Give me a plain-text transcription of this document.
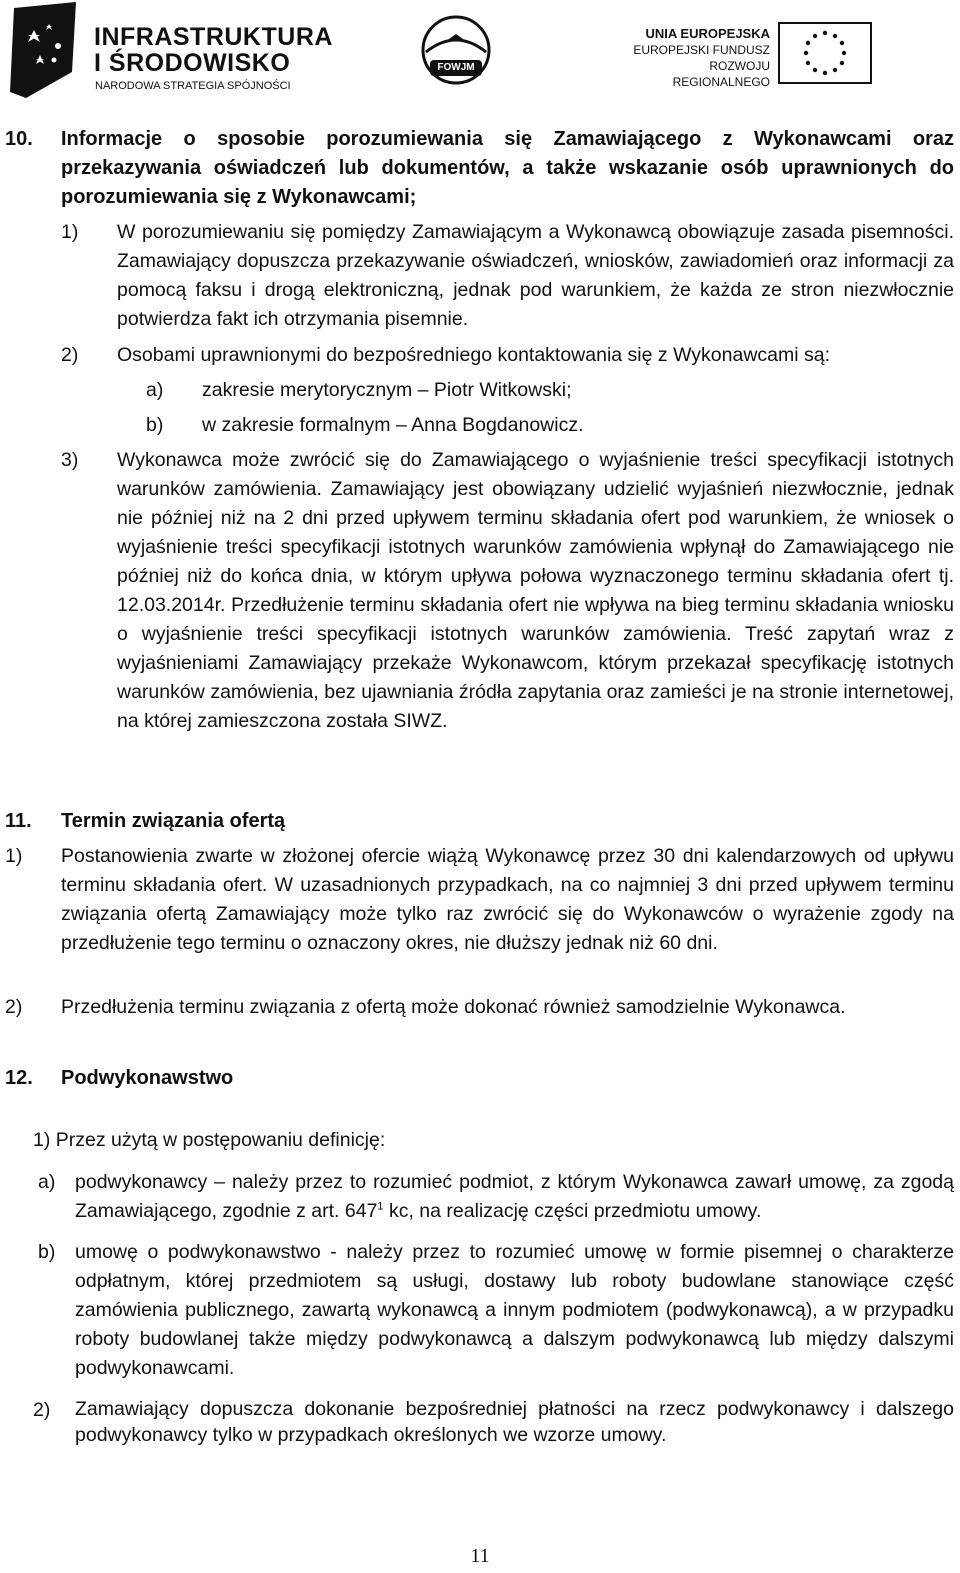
INFRASTRUKTURA
I ŚRODOWISKO
NARODOWA STRATEGIA SPÓJNOŚCI
FOWJM
UNIA EUROPEJSKA
EUROPEJSKI FUNDUSZ
ROZWOJU REGIONALNEGO
10. Informacje o sposobie porozumiewania się Zamawiającego z Wykonawcami oraz przekazywania oświadczeń lub dokumentów, a także wskazanie osób uprawnionych do porozumiewania się z Wykonawcami;
1) W porozumiewaniu się pomiędzy Zamawiającym a Wykonawcą obowiązuje zasada pisemności. Zamawiający dopuszcza przekazywanie oświadczeń, wniosków, zawiadomień oraz informacji za pomocą faksu i drogą elektroniczną, jednak pod warunkiem, że każda ze stron niezwłocznie potwierdza fakt ich otrzymania pisemnie.
2) Osobami uprawnionymi do bezpośredniego kontaktowania się z Wykonawcami są:
a) zakresie merytorycznym – Piotr Witkowski;
b) w zakresie formalnym – Anna Bogdanowicz.
3) Wykonawca może zwrócić się do Zamawiającego o wyjaśnienie treści specyfikacji istotnych warunków zamówienia. Zamawiający jest obowiązany udzielić wyjaśnień niezwłocznie, jednak nie później niż na 2 dni przed upływem terminu składania ofert pod warunkiem, że wniosek o wyjaśnienie treści specyfikacji istotnych warunków zamówienia wpłynął do Zamawiającego nie później niż do końca dnia, w którym upływa połowa wyznaczonego terminu składania ofert tj. 12.03.2014r. Przedłużenie terminu składania ofert nie wpływa na bieg terminu składania wniosku o wyjaśnienie treści specyfikacji istotnych warunków zamówienia. Treść zapytań wraz z wyjaśnieniami Zamawiający przekaże Wykonawcom, którym przekazał specyfikację istotnych warunków zamówienia, bez ujawniania źródła zapytania oraz zamieści je na stronie internetowej, na której zamieszczona została SIWZ.
11. Termin związania ofertą
1) Postanowienia zwarte w złożonej ofercie wiążą Wykonawcę przez 30 dni kalendarzowych od upływu terminu składania ofert. W uzasadnionych przypadkach, na co najmniej 3 dni przed upływem terminu związania ofertą Zamawiający może tylko raz zwrócić się do Wykonawców o wyrażenie zgody na przedłużenie tego terminu o oznaczony okres, nie dłuższy jednak niż 60 dni.
2) Przedłużenia terminu związania z ofertą może dokonać również samodzielnie Wykonawca.
12. Podwykonawstwo
1) Przez użytą w postępowaniu definicję:
a) podwykonawcy – należy przez to rozumieć podmiot, z którym Wykonawca zawarł umowę, za zgodą Zamawiającego, zgodnie z art. $647^1$ kc, na realizację części przedmiotu umowy.
b) umowę o podwykonawstwo - należy przez to rozumieć umowę w formie pisemnej o charakterze odpłatnym, której przedmiotem są usługi, dostawy lub roboty budowlane stanowiące część zamówienia publicznego, zawartą wykonawcą a innym podmiotem (podwykonawcą), a w przypadku roboty budowlanej także między podwykonawcą a dalszym podwykonawcą lub między dalszymi podwykonawcami.
2) Zamawiający dopuszcza dokonanie bezpośredniej płatności na rzecz podwykonawcy i dalszego podwykonawcy tylko w przypadkach określonych we wzorze umowy.
11
